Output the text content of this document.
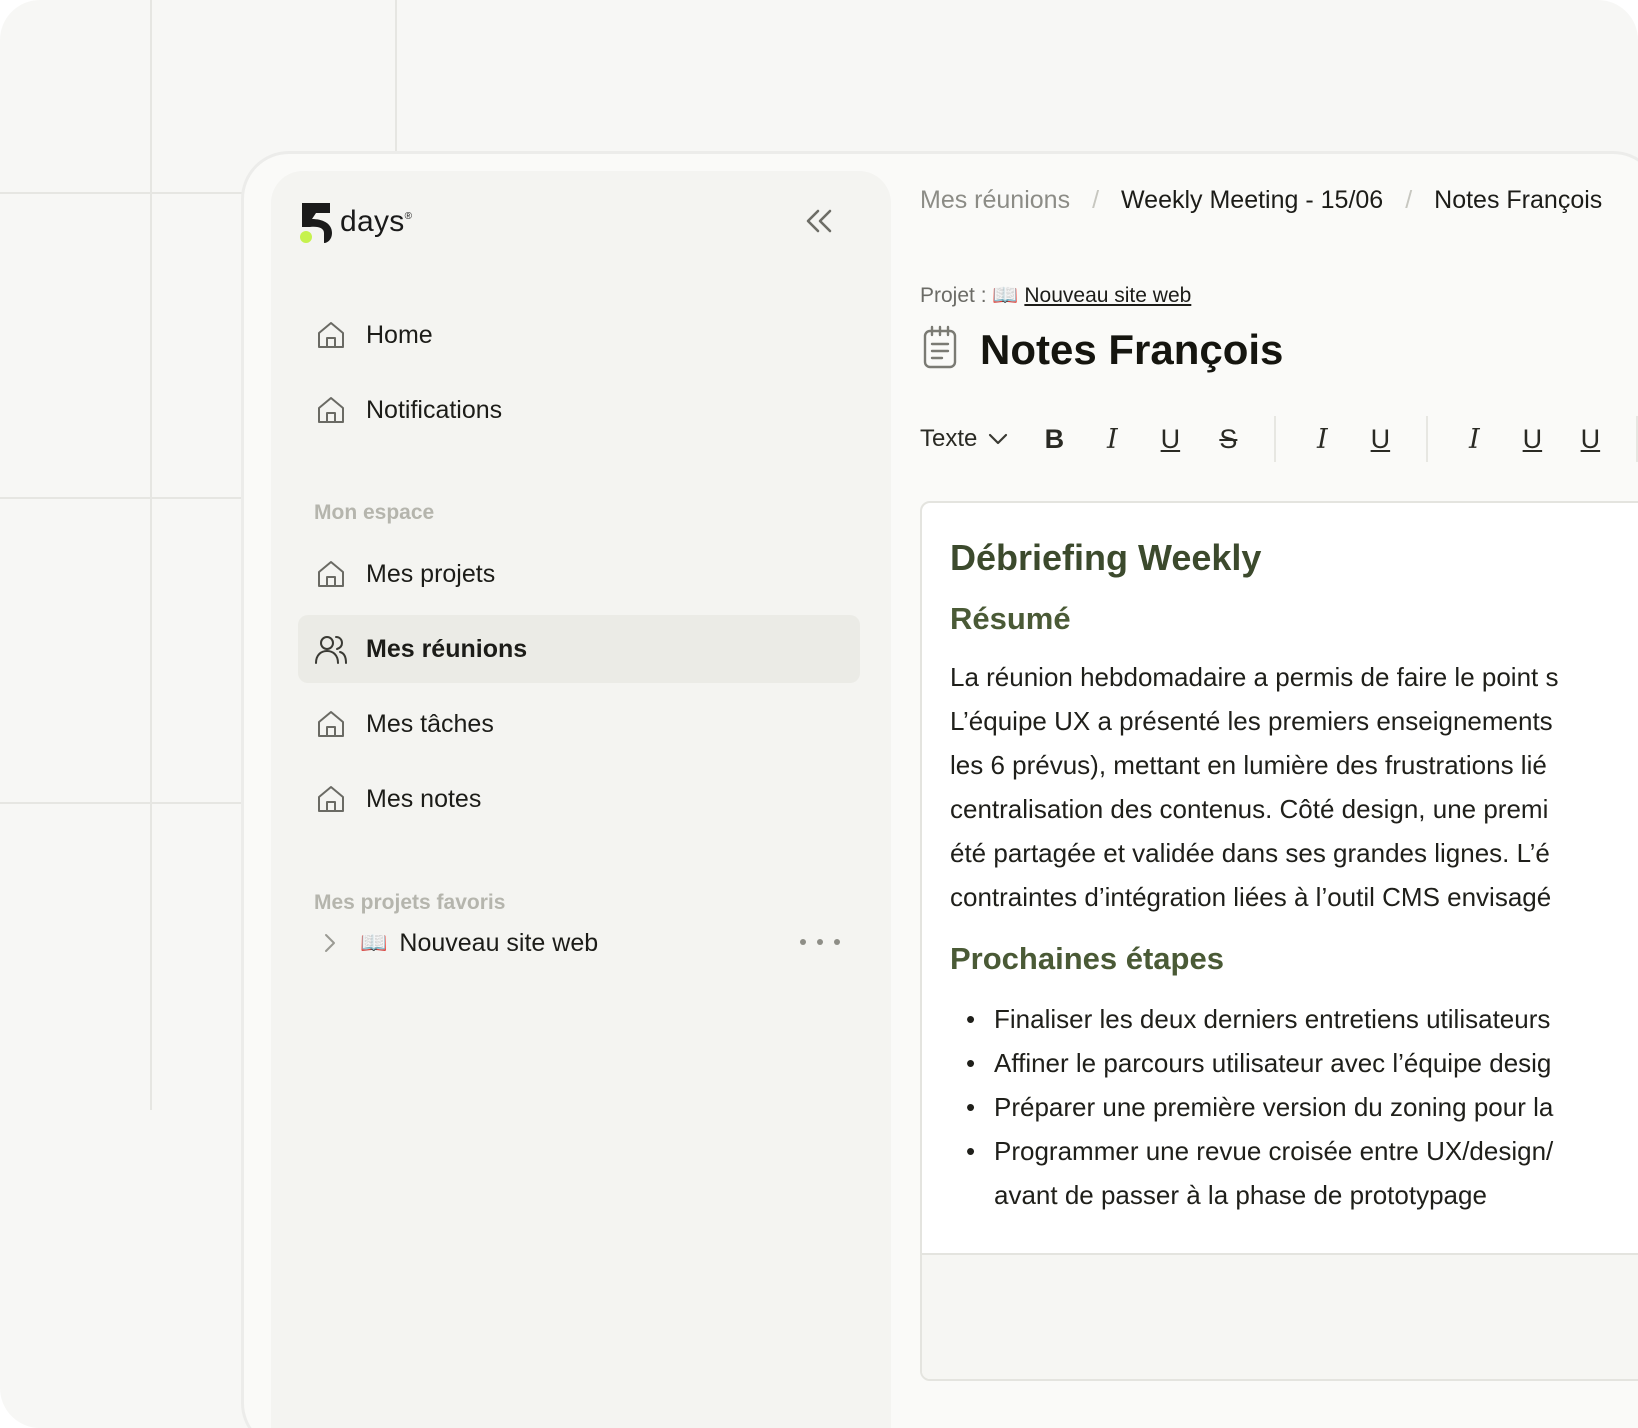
days®
Home
Notifications
Mon espace
Mes projets
Mes réunions
Mes tâches
Mes notes
Mes projets favoris
📖 Nouveau site web
Mes réunions / Weekly Meeting - 15/06 / Notes François
Projet : 📖 Nouveau site web
Notes François
Texte	B	I	U	S	I	U	I	U	U
Débriefing Weekly
Résumé

La réunion hebdomadaire a permis de faire le point s
L’équipe UX a présenté les premiers enseignements
les 6 prévus), mettant en lumière des frustrations lié
centralisation des contenus. Côté design, une premi
été partagée et validée dans ses grandes lignes. L’é
contraintes d’intégration liées à l’outil CMS envisagé

Prochaines étapes
• Finaliser les deux derniers entretiens utilisateurs
• Affiner le parcours utilisateur avec l’équipe desig
• Préparer une première version du zoning pour la
• Programmer une revue croisée entre UX/design/
avant de passer à la phase de prototypage
